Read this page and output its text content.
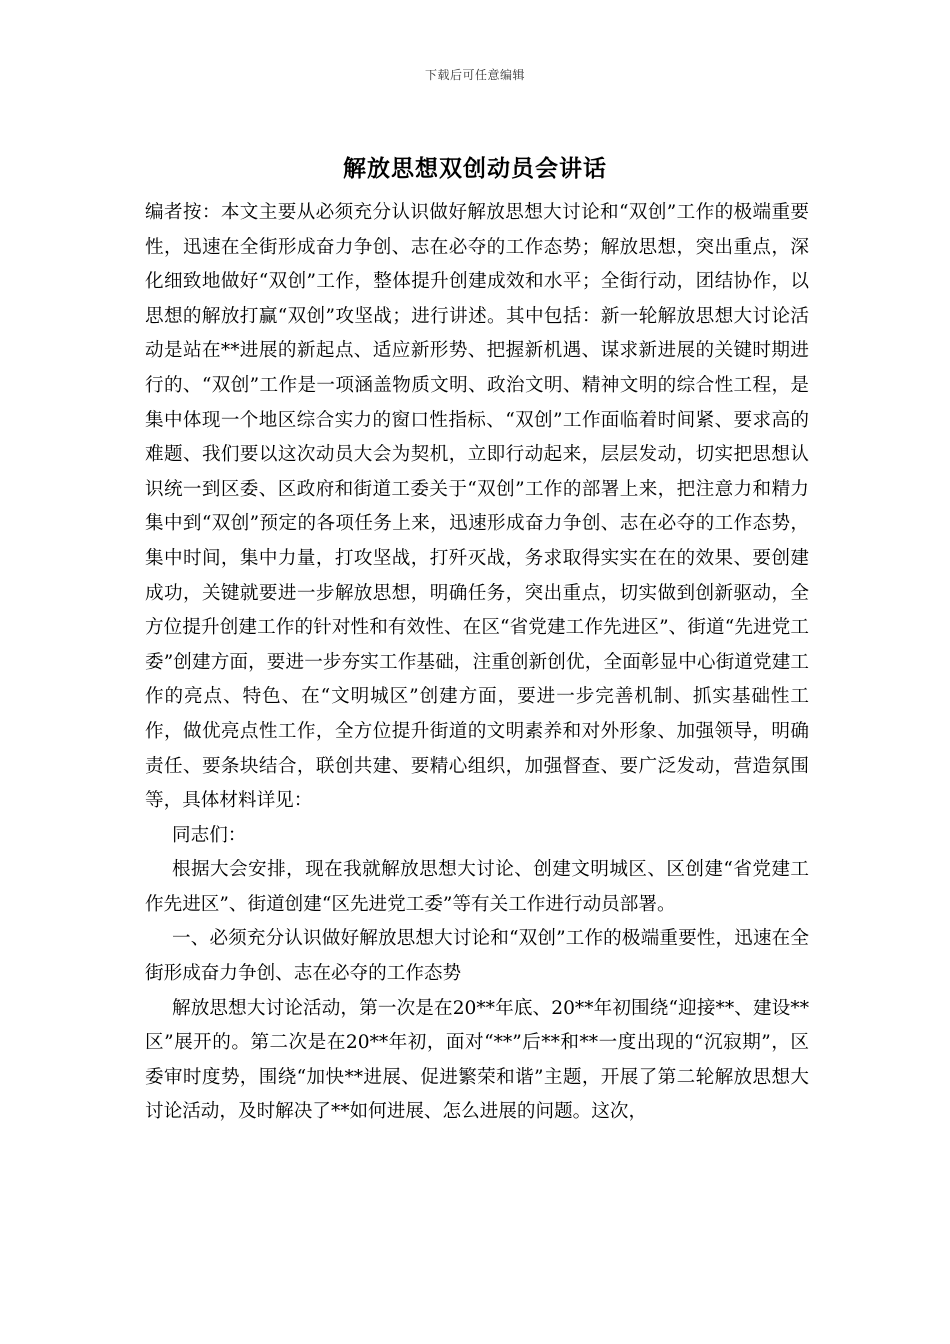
下载后可任意编辑
解放思想双创动员会讲话

编者按：本文主要从必须充分认识做好解放思想大讨论和“双创”工作的极端重要性，迅速在全街形成奋力争创、志在必夺的工作态势；解放思想，突出重点，深化细致地做好“双创”工作，整体提升创建成效和水平；全街行动，团结协作，以思想的解放打赢“双创”攻坚战；进行讲述。其中包括：新一轮解放思想大讨论活动是站在**进展的新起点、适应新形势、把握新机遇、谋求新进展的关键时期进行的、“双创”工作是一项涵盖物质文明、政治文明、精神文明的综合性工程，是集中体现一个地区综合实力的窗口性指标、“双创”工作面临着时间紧、要求高的难题、我们要以这次动员大会为契机，立即行动起来，层层发动，切实把思想认识统一到区委、区政府和街道工委关于“双创”工作的部署上来，把注意力和精力集中到“双创”预定的各项任务上来，迅速形成奋力争创、志在必夺的工作态势，集中时间，集中力量，打攻坚战，打歼灭战，务求取得实实在在的效果、要创建成功，关键就要进一步解放思想，明确任务，突出重点，切实做到创新驱动，全方位提升创建工作的针对性和有效性、在区“省党建工作先进区”、街道“先进党工委”创建方面，要进一步夯实工作基础，注重创新创优，全面彰显中心街道党建工作的亮点、特色、在“文明城区”创建方面，要进一步完善机制、抓实基础性工作，做优亮点性工作，全方位提升街道的文明素养和对外形象、加强领导，明确责任、要条块结合，联创共建、要精心组织，加强督查、要广泛发动，营造氛围等，具体材料详见：

同志们：

根据大会安排，现在我就解放思想大讨论、创建文明城区、区创建“省党建工作先进区”、街道创建“区先进党工委”等有关工作进行动员部署。

一、必须充分认识做好解放思想大讨论和“双创”工作的极端重要性，迅速在全街形成奋力争创、志在必夺的工作态势

解放思想大讨论活动，第一次是在20**年底、20**年初围绕“迎接**、建设**区”展开的。第二次是在20**年初，面对“**”后**和**一度出现的“沉寂期”，区委审时度势，围绕“加快**进展、促进繁荣和谐”主题，开展了第二轮解放思想大讨论活动，及时解决了**如何进展、怎么进展的问题。这次，
